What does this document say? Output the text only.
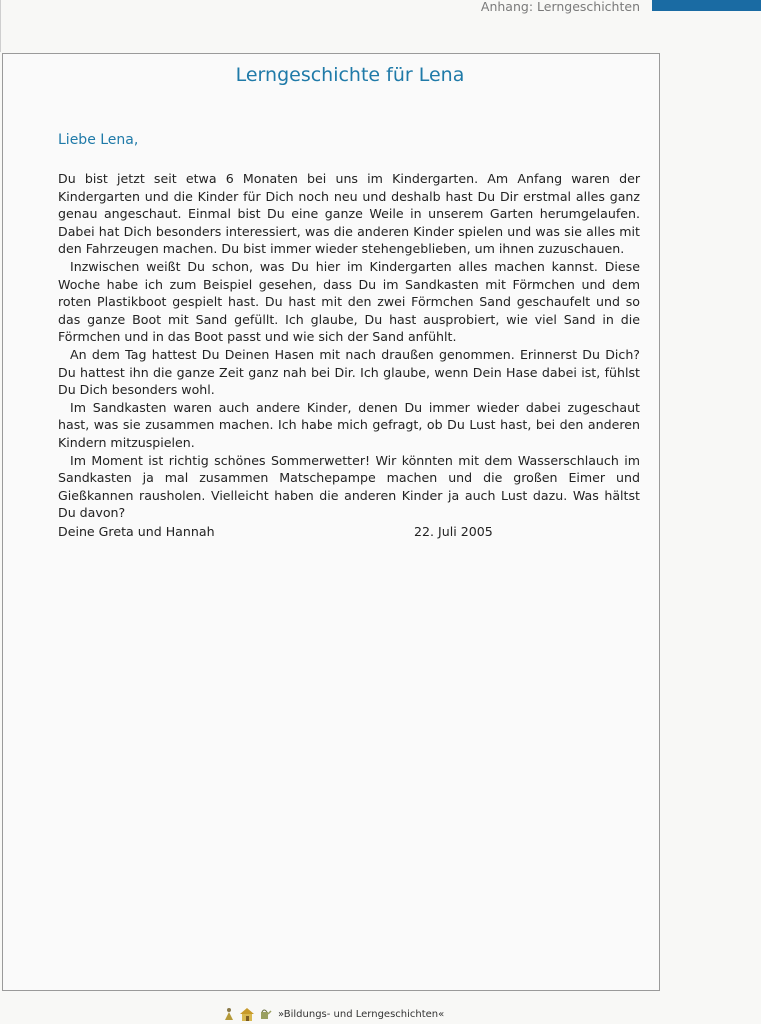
Anhang: Lerngeschichten
Lerngeschichte für Lena
Liebe Lena,

Du bist jetzt seit etwa 6 Monaten bei uns im Kindergarten. Am Anfang waren der Kindergarten und die Kinder für Dich noch neu und deshalb hast Du Dir erstmal alles ganz genau angeschaut. Einmal bist Du eine ganze Weile in unserem Garten herumgelaufen. Dabei hat Dich besonders interessiert, was die anderen Kinder spielen und was sie alles mit den Fahrzeugen machen. Du bist immer wieder stehengeblieben, um ihnen zuzuschauen.

Inzwischen weißt Du schon, was Du hier im Kindergarten alles machen kannst. Diese Woche habe ich zum Beispiel gesehen, dass Du im Sandkasten mit Förmchen und dem roten Plastikboot gespielt hast. Du hast mit den zwei Förmchen Sand geschaufelt und so das ganze Boot mit Sand gefüllt. Ich glaube, Du hast ausprobiert, wie viel Sand in die Förmchen und in das Boot passt und wie sich der Sand anfühlt.

An dem Tag hattest Du Deinen Hasen mit nach draußen genommen. Erinnerst Du Dich? Du hattest ihn die ganze Zeit ganz nah bei Dir. Ich glaube, wenn Dein Hase dabei ist, fühlst Du Dich besonders wohl.

Im Sandkasten waren auch andere Kinder, denen Du immer wieder dabei zugeschaut hast, was sie zusammen machen. Ich habe mich gefragt, ob Du Lust hast, bei den anderen Kindern mitzuspielen.

Im Moment ist richtig schönes Sommerwetter! Wir könnten mit dem Wasserschlauch im Sandkasten ja mal zusammen Matschepampe machen und die großen Eimer und Gießkannen rausholen. Vielleicht haben die anderen Kinder ja auch Lust dazu. Was hältst Du davon?

Deine Greta und Hannah	22. Juli 2005
»Bildungs- und Lerngeschichten«
